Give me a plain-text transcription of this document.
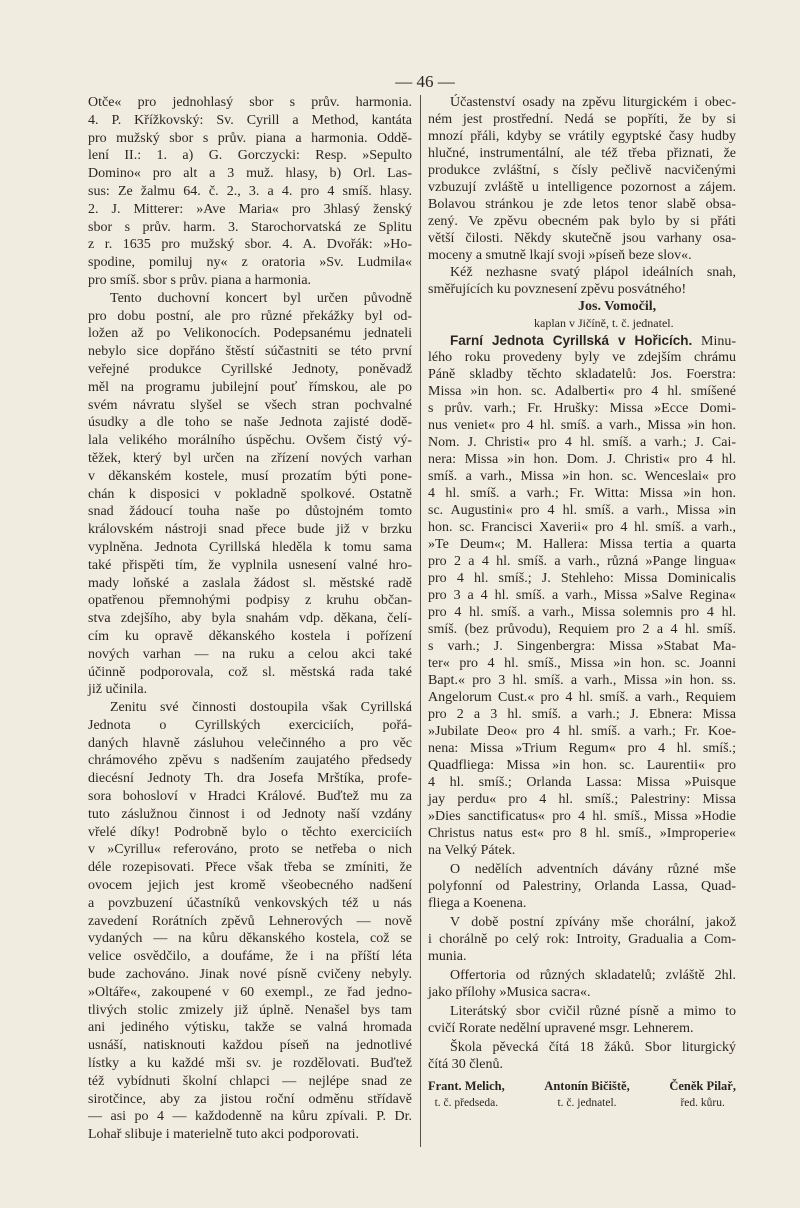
— 46 —
Otče« pro jednohlasý sbor s prův. harmonia.
4. P. Křížkovský: Sv. Cyrill a Method, kantáta
pro mužský sbor s prův. piana a harmonia. Oddě-
lení II.: 1. a) G. Gorczycki: Resp. »Sepulto
Domino« pro alt a 3 muž. hlasy, b) Orl. Las-
sus: Ze žalmu 64. č. 2., 3. a 4. pro 4 smíš. hlasy.
2. J. Mitterer: »Ave Maria« pro 3hlasý ženský
sbor s prův. harm. 3. Starochorvatská ze Splitu
z r. 1635 pro mužský sbor. 4. A. Dvořák: »Ho-
spodine, pomiluj ny« z oratoria »Sv. Ludmila«
pro smíš. sbor s prův. piana a harmonia.
Tento duchovní koncert byl určen původně
pro dobu postní, ale pro různé překážky byl od-
ložen až po Velikonocích. Podepsanému jednateli
nebylo sice dopřáno štěstí súčastniti se této první
veřejné produkce Cyrillské Jednoty, poněvadž
měl na programu jubilejní pouť římskou, ale po
svém návratu slyšel se všech stran pochvalné
úsudky a dle toho se naše Jednota zajisté dodě-
lala velikého morálního úspěchu. Ovšem čistý vý-
těžek, který byl určen na zřízení nových varhan
v děkanském kostele, musí prozatím býti pone-
chán k disposici v pokladně spolkové. Ostatně
snad žádoucí touha naše po důstojném tomto
královském nástroji snad přece bude již v brzku
vyplněna. Jednota Cyrillská hleděla k tomu sama
také přispěti tím, že vyplnila usnesení valné hro-
mady loňské a zaslala žádost sl. městské radě
opatřenou přemnohými podpisy z kruhu občan-
stva zdejšího, aby byla snahám vdp. děkana, čelí-
cím ku opravě děkanského kostela i pořízení
nových varhan — na ruku a celou akci také
účinně podporovala, což sl. městská rada také
již učinila.
Zenitu své činnosti dostoupila však Cyrillská
Jednota o Cyrillských exerciciích, pořá-
daných hlavně zásluhou velečinného a pro věc
chrámového zpěvu s nadšením zaujatého předsedy
diecésní Jednoty Th. dra Josefa Mrštíka, profe-
sora bohosloví v Hradci Králové. Buďtež mu za
tuto záslužnou činnost i od Jednoty naší vzdány
vřelé díky! Podrobně bylo o těchto exerciciích
v »Cyrillu« referováno, proto se netřeba o nich
déle rozepisovati. Přece však třeba se zmíniti, že
ovocem jejich jest kromě všeobecného nadšení
a povzbuzení účastníků venkovských též u nás
zavedení Rorátních zpěvů Lehnerových — nově
vydaných — na kůru děkanského kostela, což se
velice osvědčilo, a doufáme, že i na příští léta
bude zachováno. Jinak nové písně cvičeny nebyly.
»Oltáře«, zakoupené v 60 exempl., ze řad jedno-
tlivých stolic zmizely již úplně. Nenašel bys tam
ani jediného výtisku, takže se valná hromada
usnáší, natisknouti každou píseň na jednotlivé
lístky a ku každé mši sv. je rozdělovati. Buďtež
též vybídnuti školní chlapci — nejlépe snad ze
sirotčince, aby za jistou roční odměnu střídavě
— asi po 4 — každodenně na kůru zpívali. P. Dr.
Lohař slibuje i materielně tuto akci podporovati.
Účastenství osady na zpěvu liturgickém i obec-
ném jest prostřední. Nedá se popříti, že by si
mnozí přáli, kdyby se vrátily egyptské časy hudby
hlučné, instrumentální, ale též třeba přiznati, že
produkce zvláštní, s čísly pečlivě nacvičenými
vzbuzují zvláště u intelligence pozornost a zájem.
Bolavou stránkou je zde letos tenor slabě obsa-
zený. Ve zpěvu obecném pak bylo by si přáti
větší čilosti. Někdy skutečně jsou varhany osa-
moceny a smutně lkají svoji »píseň beze slov«.
Kéž nezhasne svatý plápol ideálních snah,
směřujících ku povznesení zpěvu posvátného!
Jos. Vomočil,
kaplan v Jičíně, t. č. jednatel.
Farní Jednota Cyrillská v Hořicích. Minu-
lého roku provedeny byly ve zdejším chrámu
Páně skladby těchto skladatelů: Jos. Foerstra:
Missa »in hon. sc. Adalberti« pro 4 hl. smíšené
s prův. varh.; Fr. Hrušky: Missa »Ecce Domi-
nus veniet« pro 4 hl. smíš. a varh., Missa »in hon.
Nom. J. Christi« pro 4 hl. smíš. a varh.; J. Cai-
nera: Missa »in hon. Dom. J. Christi« pro 4 hl.
smíš. a varh., Missa »in hon. sc. Wenceslai« pro
4 hl. smíš. a varh.; Fr. Witta: Missa »in hon.
sc. Augustini« pro 4 hl. smíš. a varh., Missa »in
hon. sc. Francisci Xaverii« pro 4 hl. smíš. a varh.,
»Te Deum«; M. Hallera: Missa tertia a quarta
pro 2 a 4 hl. smíš. a varh., různá »Pange lingua«
pro 4 hl. smíš.; J. Stehleho: Missa Dominicalis
pro 3 a 4 hl. smíš. a varh., Missa »Salve Regina«
pro 4 hl. smíš. a varh., Missa solemnis pro 4 hl.
smíš. (bez průvodu), Requiem pro 2 a 4 hl. smíš.
s varh.; J. Singenbergra: Missa »Stabat Ma-
ter« pro 4 hl. smíš., Missa »in hon. sc. Joanni
Bapt.« pro 3 hl. smíš. a varh., Missa »in hon. ss.
Angelorum Cust.« pro 4 hl. smíš. a varh., Requiem
pro 2 a 3 hl. smíš. a varh.; J. Ebnera: Missa
»Jubilate Deo« pro 4 hl. smíš. a varh.; Fr. Koe-
nena: Missa »Trium Regum« pro 4 hl. smíš.;
Quadfliega: Missa »in hon. sc. Laurentii« pro
4 hl. smíš.; Orlanda Lassa: Missa »Puisque
jay perdu« pro 4 hl. smíš.; Palestriny: Missa
»Dies sanctificatus« pro 4 hl. smíš., Missa »Hodie
Christus natus est« pro 8 hl. smíš., »Improperie«
na Velký Pátek.
O nedělích adventních dávány různé mše
polyfonní od Palestriny, Orlanda Lassa, Quad-
fliega a Koenena.
V době postní zpívány mše chorální, jakož
i chorálně po celý rok: Introity, Gradualia a Com-
munia.
Offertoria od různých skladatelů; zvláště 2hl.
jako přílohy »Musica sacra«.
Literátský sbor cvičil různé písně a mimo to
cvičí Rorate nedělní upravené msgr. Lehnerem.
Škola pěvecká čítá 18 žáků. Sbor liturgický
čítá 30 členů.
Frant. Melich,
t. č. předseda.
Antonín Bičiště,
t. č. jednatel.
Čeněk Pilař,
řed. kůru.
